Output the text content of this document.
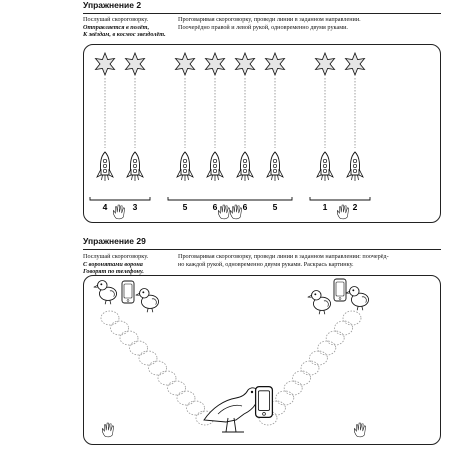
Упражнение 2
Послушай скороговорку.
Отправляется в полёт,
К звёздам, в космос звездолёт.
Проговаривая скороговорку, проведи линии в заданном направлении.
Поочерёдно правой и левой рукой, одновременно двумя руками.
Упражнение 29
Послушай скороговорку.
С воронятами ворона
Говорят по телефону.
Проговаривая скороговорку, проведи линии в заданном направлении: поочерёд-
но каждой рукой, одновременно двумя руками. Раскрась картинку.
4	3	5	6	6	5	1	2
